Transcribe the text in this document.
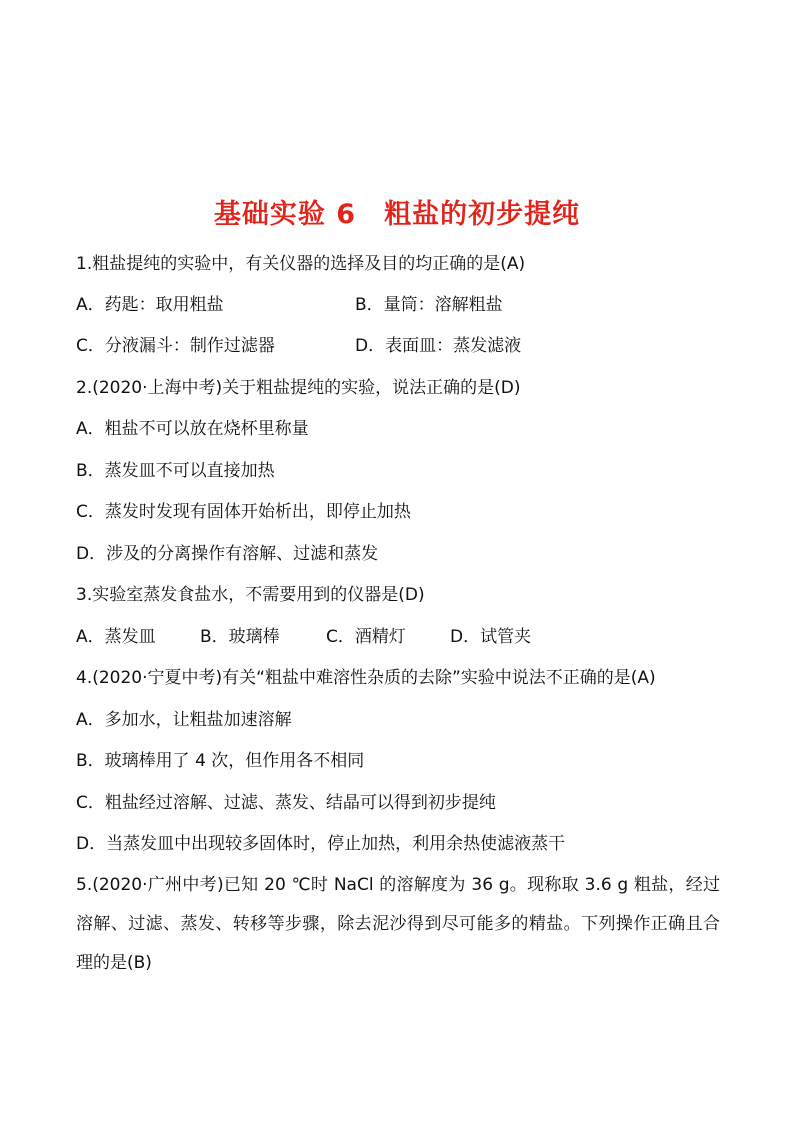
基础实验 6　粗盐的初步提纯
1.粗盐提纯的实验中，有关仪器的选择及目的均正确的是(A)
A．药匙：取用粗盐	B．量筒：溶解粗盐
C．分液漏斗：制作过滤器	D．表面皿：蒸发滤液
2.(2020·上海中考)关于粗盐提纯的实验，说法正确的是(D)
A．粗盐不可以放在烧杯里称量
B．蒸发皿不可以直接加热
C．蒸发时发现有固体开始析出，即停止加热
D．涉及的分离操作有溶解、过滤和蒸发
3.实验室蒸发食盐水，不需要用到的仪器是(D)
A．蒸发皿	B．玻璃棒	C．酒精灯	D．试管夹
4.(2020·宁夏中考)有关“粗盐中难溶性杂质的去除”实验中说法不正确的是(A)
A．多加水，让粗盐加速溶解
B．玻璃棒用了 4 次，但作用各不相同
C．粗盐经过溶解、过滤、蒸发、结晶可以得到初步提纯
D．当蒸发皿中出现较多固体时，停止加热，利用余热使滤液蒸干
5.(2020·广州中考)已知 20 ℃时 NaCl 的溶解度为 36 g。现称取 3.6 g 粗盐，经过溶解、过滤、蒸发、转移等步骤，除去泥沙得到尽可能多的精盐。下列操作正确且合理的是(B)
